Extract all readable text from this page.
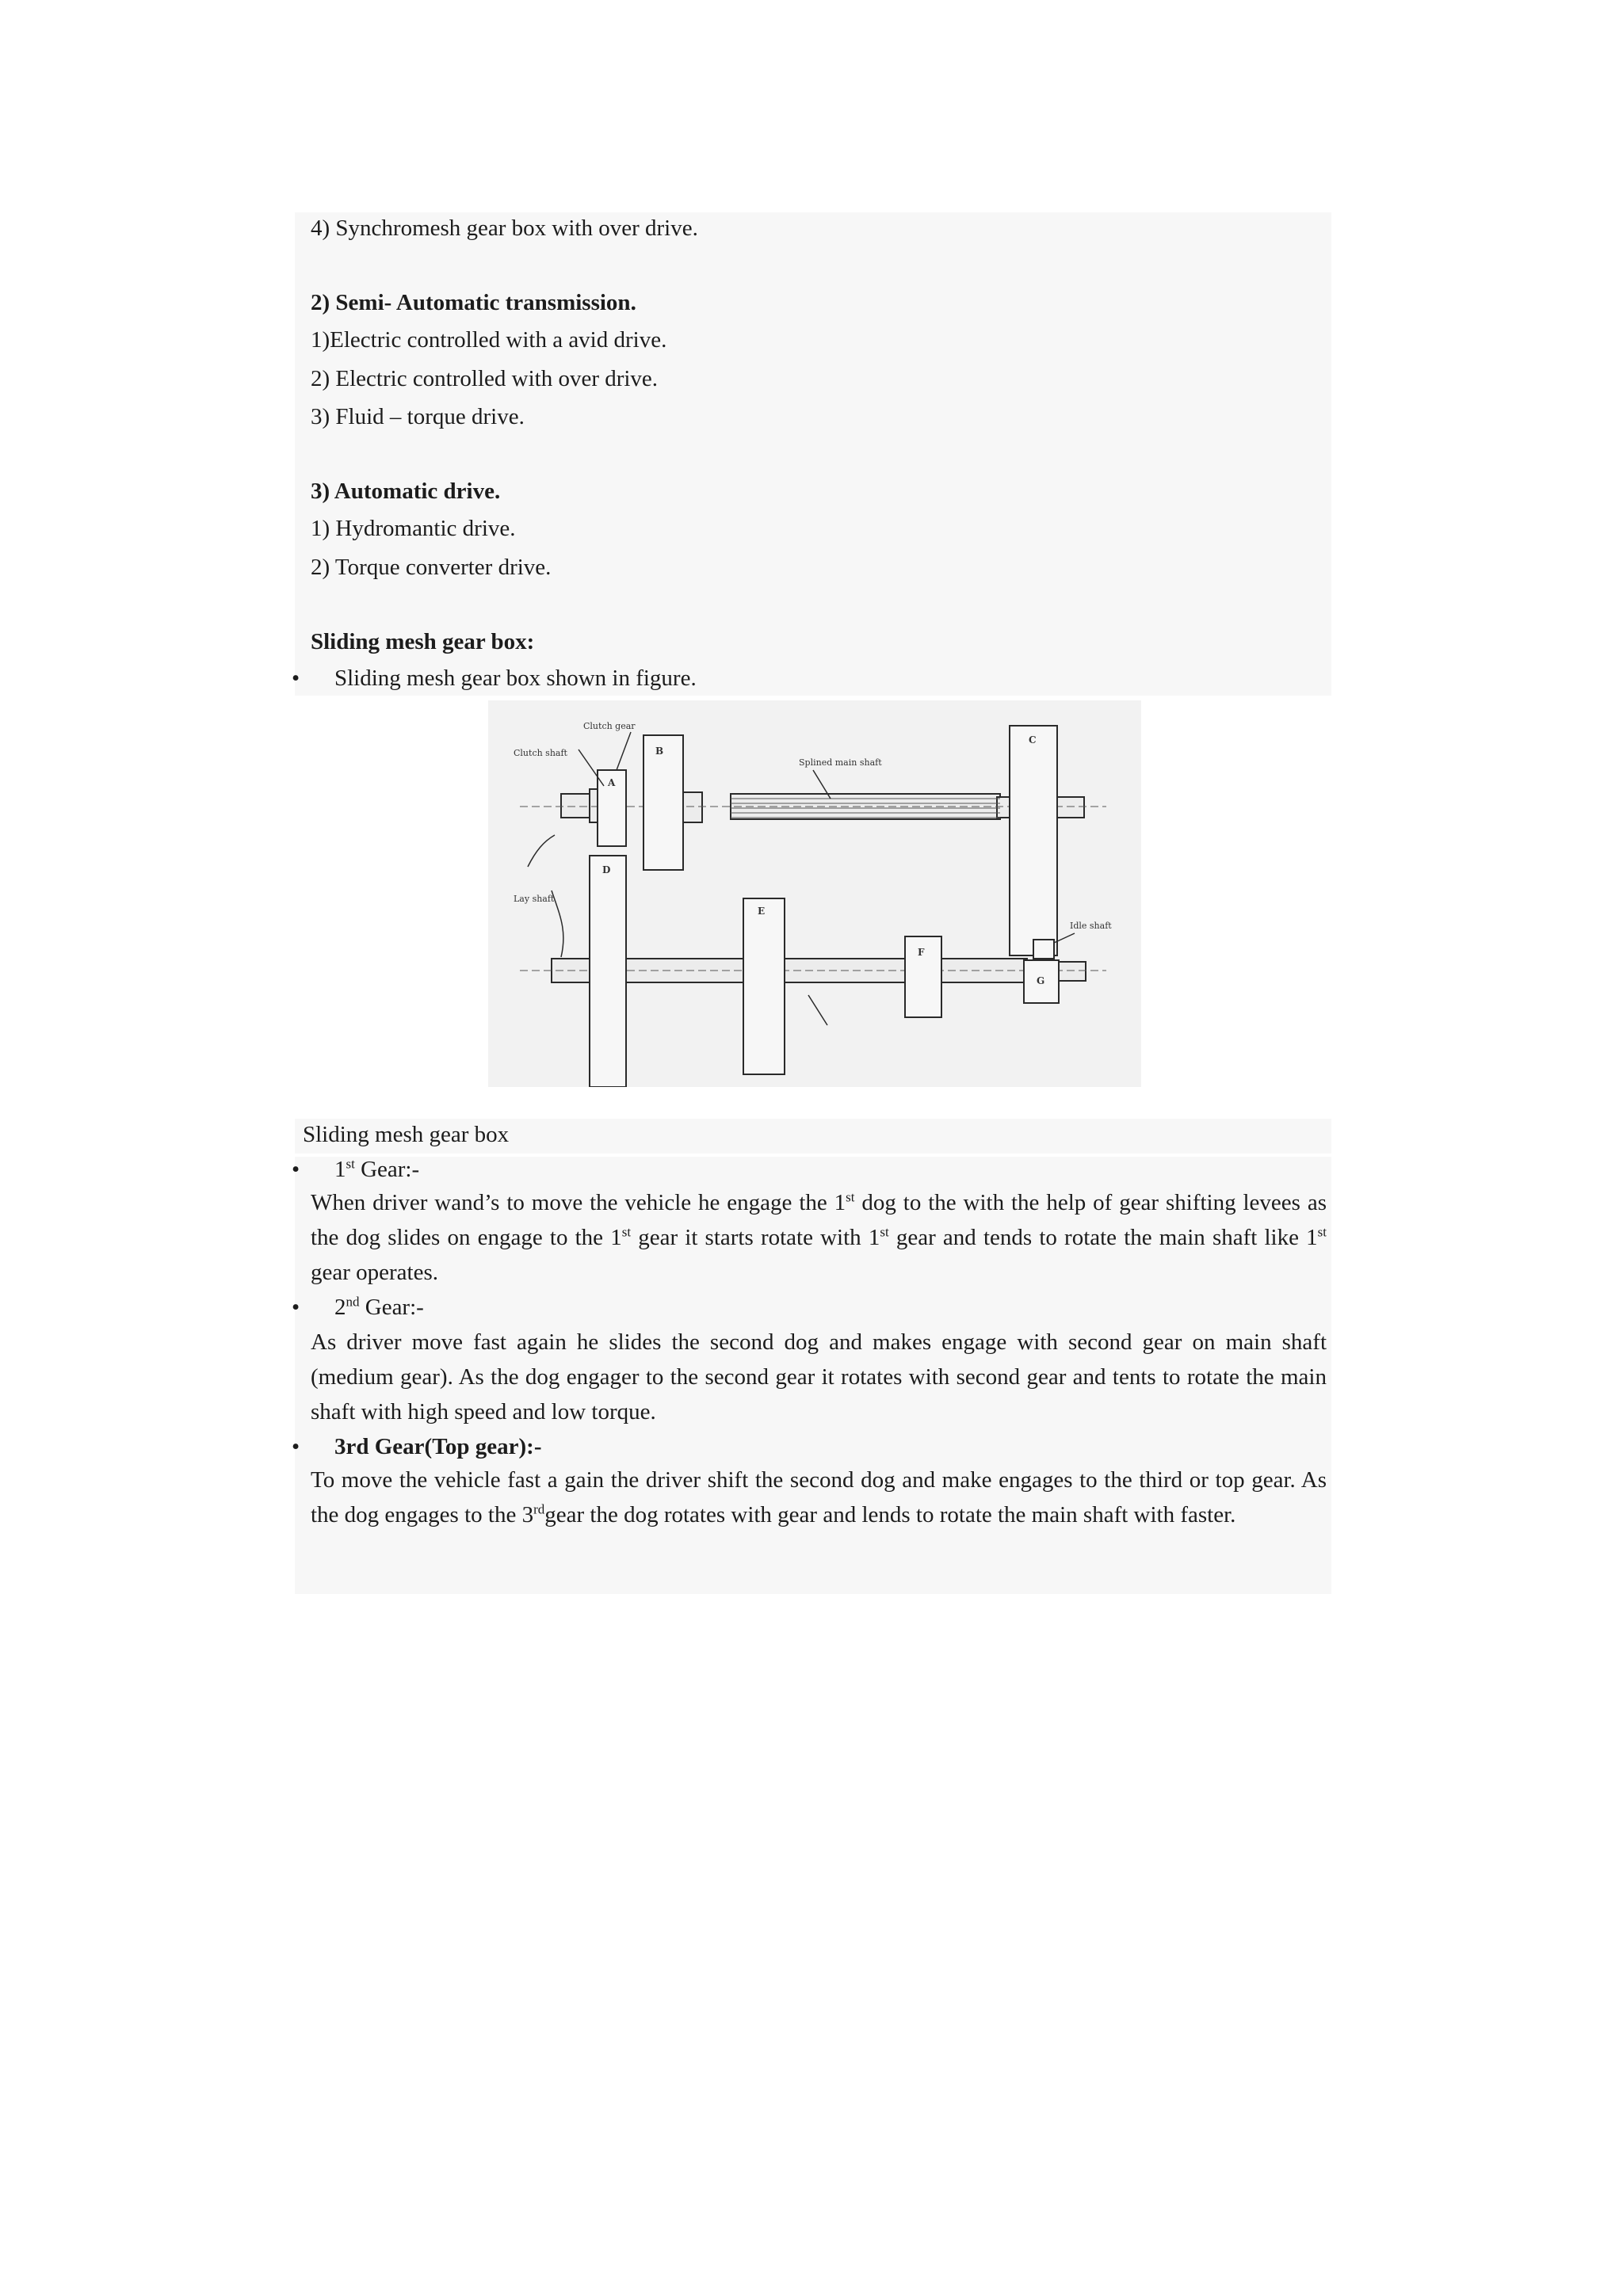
4) Synchromesh gear box with over drive.
2) Semi- Automatic transmission.
1)Electric controlled with a avid drive.
2) Electric controlled with over drive.
3) Fluid – torque drive.
3) Automatic drive.
1) Hydromantic drive.
2) Torque converter drive.
Sliding mesh gear box:
• Sliding mesh gear box shown in figure.
Clutch gear
Clutch shaft
Splined main shaft
Lay shaft
Idle shaft
A
B
C
D
E
F
G
Sliding mesh gear box
• 1st Gear:-
When driver wand’s to move the vehicle he engage the 1st dog to the with the help of gear shifting levees as the dog slides on engage to the 1st gear it starts rotate with 1st gear and tends to rotate the main shaft like 1st gear operates.
• 2nd Gear:-
As driver move fast again he slides the second dog and makes engage with second gear on main shaft (medium gear). As the dog engager to the second gear it rotates with second gear and tents to rotate the main shaft with high speed and low torque.
• 3rd Gear(Top gear):-
To move the vehicle fast a gain the driver shift the second dog and make engages to the third or top gear. As the dog engages to the 3rdgear the dog rotates with gear and lends to rotate the main shaft with faster.
